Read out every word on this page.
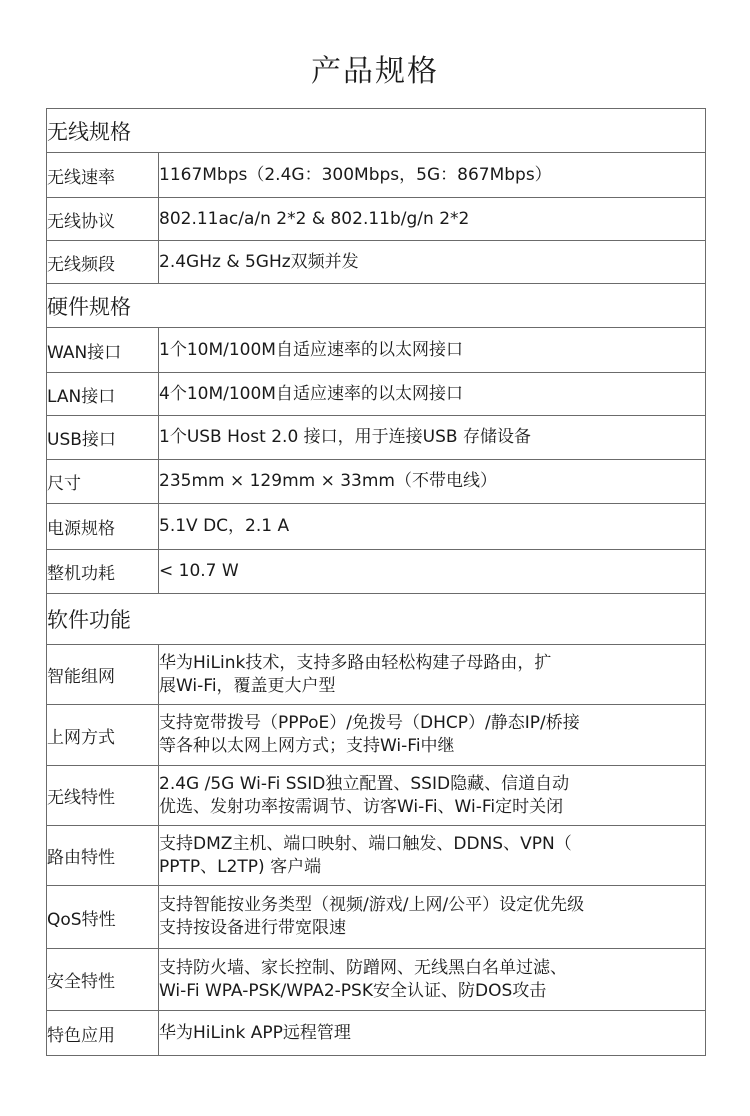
产品规格
无线规格	
无线速率	1167Mbps（2.4G：300Mbps，5G：867Mbps）
无线协议	802.11ac/a/n 2*2 & 802.11b/g/n 2*2
无线频段	2.4GHz & 5GHz双频并发
硬件规格	
WAN接口	1个10M/100M自适应速率的以太网接口
LAN接口	4个10M/100M自适应速率的以太网接口
USB接口	1个USB Host 2.0 接口，用于连接USB 存储设备
尺寸	235mm × 129mm × 33mm（不带电线）
电源规格	5.1V DC，2.1 A
整机功耗	< 10.7 W
软件功能	
智能组网	华为HiLink技术，支持多路由轻松构建子母路由，扩
展Wi-Fi，覆盖更大户型

上网方式	支持宽带拨号（PPPoE）/免拨号（DHCP）/静态IP/桥接
等各种以太网上网方式；支持Wi-Fi中继

无线特性	2.4G /5G Wi-Fi SSID独立配置、SSID隐藏、信道自动
优选、发射功率按需调节、访客Wi-Fi、Wi-Fi定时关闭

路由特性	支持DMZ主机、端口映射、端口触发、DDNS、VPN（
PPTP、L2TP) 客户端

QoS特性	支持智能按业务类型（视频/游戏/上网/公平）设定优先级
支持按设备进行带宽限速

安全特性	支持防火墙、家长控制、防蹭网、无线黑白名单过滤、
Wi-Fi WPA-PSK/WPA2-PSK安全认证、防DOS攻击

特色应用	华为HiLink APP远程管理
